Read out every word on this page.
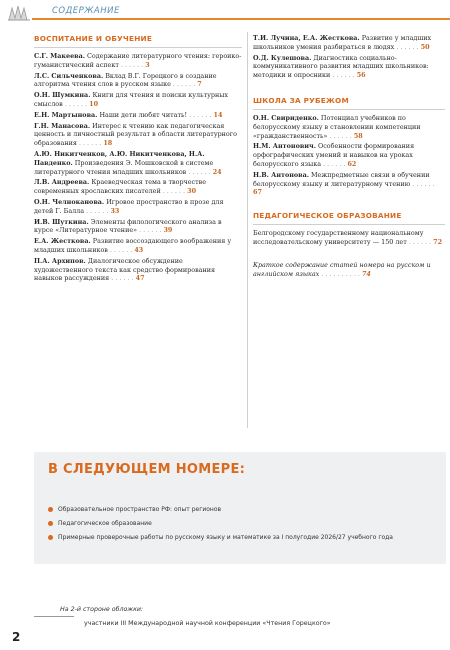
СОДЕРЖАНИЕ
ВОСПИТАНИЕ И ОБУЧЕНИЕ
С.Г. Макеева. Содержание литературного чтения: героико-гуманистический аспект . . . . . . 3
Л.С. Сильченкова. Вклад В.Г. Горецкого в создание алгоритма чтения слов в русском языке . . . . . . 7
О.Н. Шумкина. Книги для чтения и поиски культурных смыслов . . . . . . 10
Е.Н. Мартынова. Наши дети любят читать! . . . . . . 14
Г.Н. Манасова. Интерес к чтению как педагогическая ценность и личностный результат в области литературного образования . . . . . . 18
А.Ю. Никитченков, А.Ю. Никитченкова, Н.А. Павденко. Произведения Э. Мошковской в системе литературного чтения младших школьников . . . . . . 24
Л.В. Андреева. Краеведческая тема в творчестве современных ярославских писателей . . . . . . 30
О.Н. Челноканова. Игровое пространство в прозе для детей Г. Балла . . . . . . 33
И.В. Шуткина. Элементы филологического анализа в курсе «Литературное чтение» . . . . . . 39
Е.А. Жесткова. Развитие воссоздающего воображения у младших школьников . . . . . . 43
П.А. Архипов. Диалогическое обсуждение художественного текста как средство формирования навыков рассуждения . . . . . . 47
Т.И. Лучина, Е.А. Жесткова. Развитие у младших школьников умения разбираться в людях . . . . . . 50
О.Д. Кулешова. Диагностика социально-коммуникативного развития младших школьников: методики и опросники . . . . . . 56
ШКОЛА ЗА РУБЕЖОМ
О.Н. Свириденко. Потенциал учебников по белорусскому языку в становлении компетенции «гражданственность» . . . . . . 58
Н.М. Антонович. Особенности формирования орфографических умений и навыков на уроках белорусского языка . . . . . . 62
Н.В. Антонова. Межпредметные связи в обучении белорусскому языку и литературному чтению . . . . . . 67
ПЕДАГОГИЧЕСКОЕ ОБРАЗОВАНИЕ
Белгородскому государственному национальному исследовательскому университету — 150 лет . . . . . . 72
Краткое содержание статей номера на русском и английском языках . . . . . . . . . . 74
В СЛЕДУЮЩЕМ НОМЕРЕ:
Образовательное пространство РФ: опыт регионов
Педагогическое образование
Примерные проверочные работы по русскому языку и математике за I полугодие 2026/27 учебного года
На 2-й стороне обложки:
участники III Международной научной конференции «Чтения Горецкого»
2
